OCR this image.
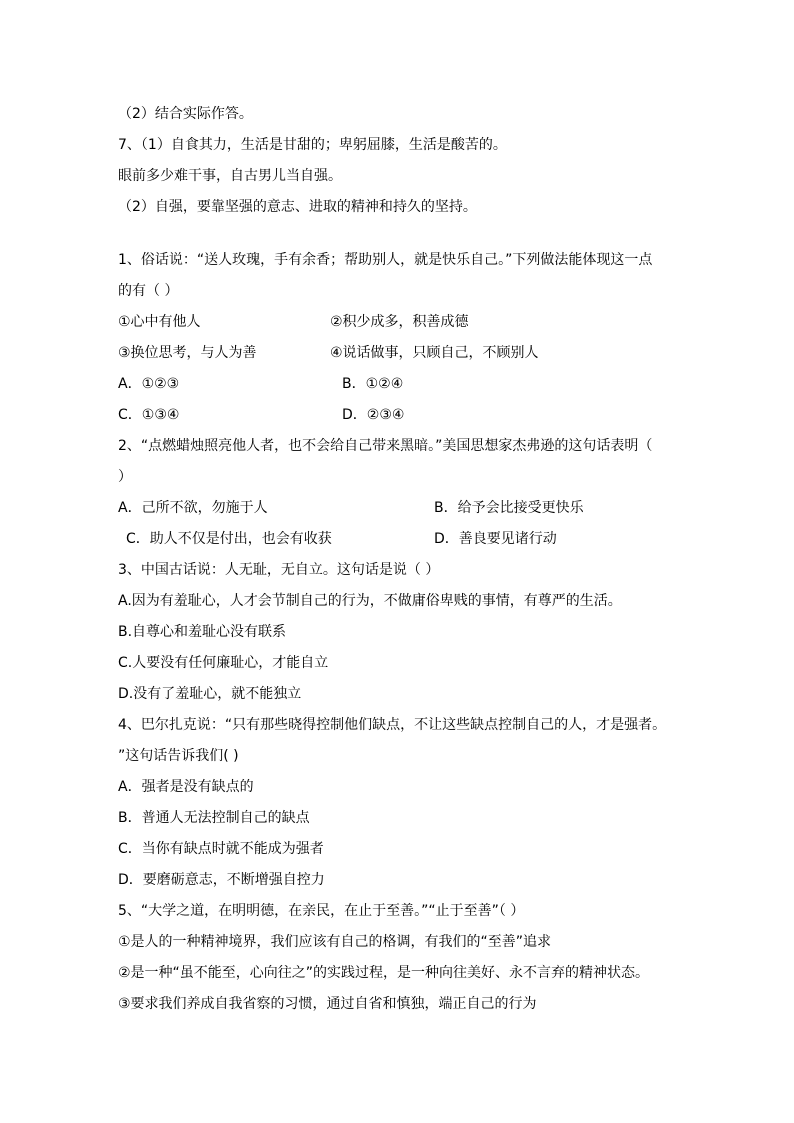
（2）结合实际作答。
7、（1）自食其力，生活是甘甜的；卑躬屈膝，生活是酸苦的。
眼前多少难干事，自古男儿当自强。
（2）自强，要靠坚强的意志、进取的精神和持久的坚持。
1、俗话说：“送人玫瑰，手有余香；帮助别人，就是快乐自己。”下列做法能体现这一点
的有（ ）
①心中有他人	②积少成多，积善成德
③换位思考，与人为善	④说话做事，只顾自己，不顾别人
A．①②③	B．①②④
C．①③④	D．②③④
2、“点燃蜡烛照亮他人者，也不会给自己带来黑暗。”美国思想家杰弗逊的这句话表明（
）
A．己所不欲，勿施于人	B．给予会比接受更快乐
C．助人不仅是付出，也会有收获	D．善良要见诸行动
3、中国古话说：人无耻，无自立。这句话是说（ ）
A.因为有羞耻心，人才会节制自己的行为，不做庸俗卑贱的事情，有尊严的生活。
B.自尊心和羞耻心没有联系
C.人要没有任何廉耻心，才能自立
D.没有了羞耻心，就不能独立
4、巴尔扎克说：“只有那些晓得控制他们缺点，不让这些缺点控制自己的人，才是强者。
”这句话告诉我们( )
A．强者是没有缺点的
B．普通人无法控制自己的缺点
C．当你有缺点时就不能成为强者
D．要磨砺意志，不断增强自控力
5、“大学之道，在明明德，在亲民，在止于至善。”“止于至善”（ ）
①是人的一种精神境界，我们应该有自己的格调，有我们的“至善”追求
②是一种“虽不能至，心向往之”的实践过程，是一种向往美好、永不言弃的精神状态。
③要求我们养成自我省察的习惯，通过自省和慎独，端正自己的行为
